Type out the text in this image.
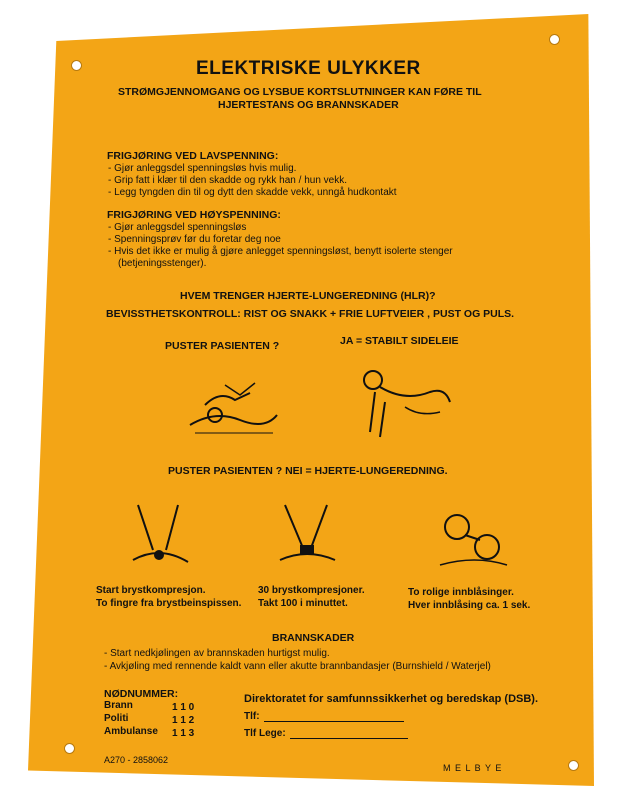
ELEKTRISKE ULYKKER
STRØMGJENNOMGANG OG LYSBUE KORTSLUTNINGER KAN FØRE TIL
HJERTESTANS OG BRANNSKADER
FRIGJØRING VED LAVSPENNING:
- Gjør anleggsdel spenningsløs hvis mulig.
- Grip fatt i klær til den skadde og rykk han / hun vekk.
- Legg tyngden din til og dytt den skadde vekk, unngå hudkontakt
FRIGJØRING VED HØYSPENNING:
- Gjør anleggsdel spenningsløs
- Spenningsprøv før du foretar deg noe
- Hvis det ikke er mulig å gjøre anlegget spenningsløst, benytt isolerte stenger
(betjeningsstenger).
HVEM TRENGER HJERTE-LUNGEREDNING (HLR)?
BEVISSTHETSKONTROLL: RIST OG SNAKK + FRIE LUFTVEIER , PUST OG PULS.
PUSTER PASIENTEN ?	JA = STABILT SIDELEIE
PUSTER PASIENTEN ? NEI = HJERTE-LUNGEREDNING.
Start brystkompresjon.
To fingre fra brystbeinspissen.
30 brystkompresjoner.
Takt 100 i minuttet.
To rolige innblåsinger.
Hver innblåsing ca. 1 sek.
BRANNSKADER
- Start nedkjølingen av brannskaden hurtigst mulig.
- Avkjøling med rennende kaldt vann eller akutte brannbandasjer (Burnshield / Waterjel)
NØDNUMMER:
Brann	1 1 0
Politi	1 1 2
Ambulanse 1 1 3
Direktoratet for samfunnssikkerhet og beredskap (DSB).
Tlf:
Tlf Lege:
A270 - 2858062
M E L B Y E
